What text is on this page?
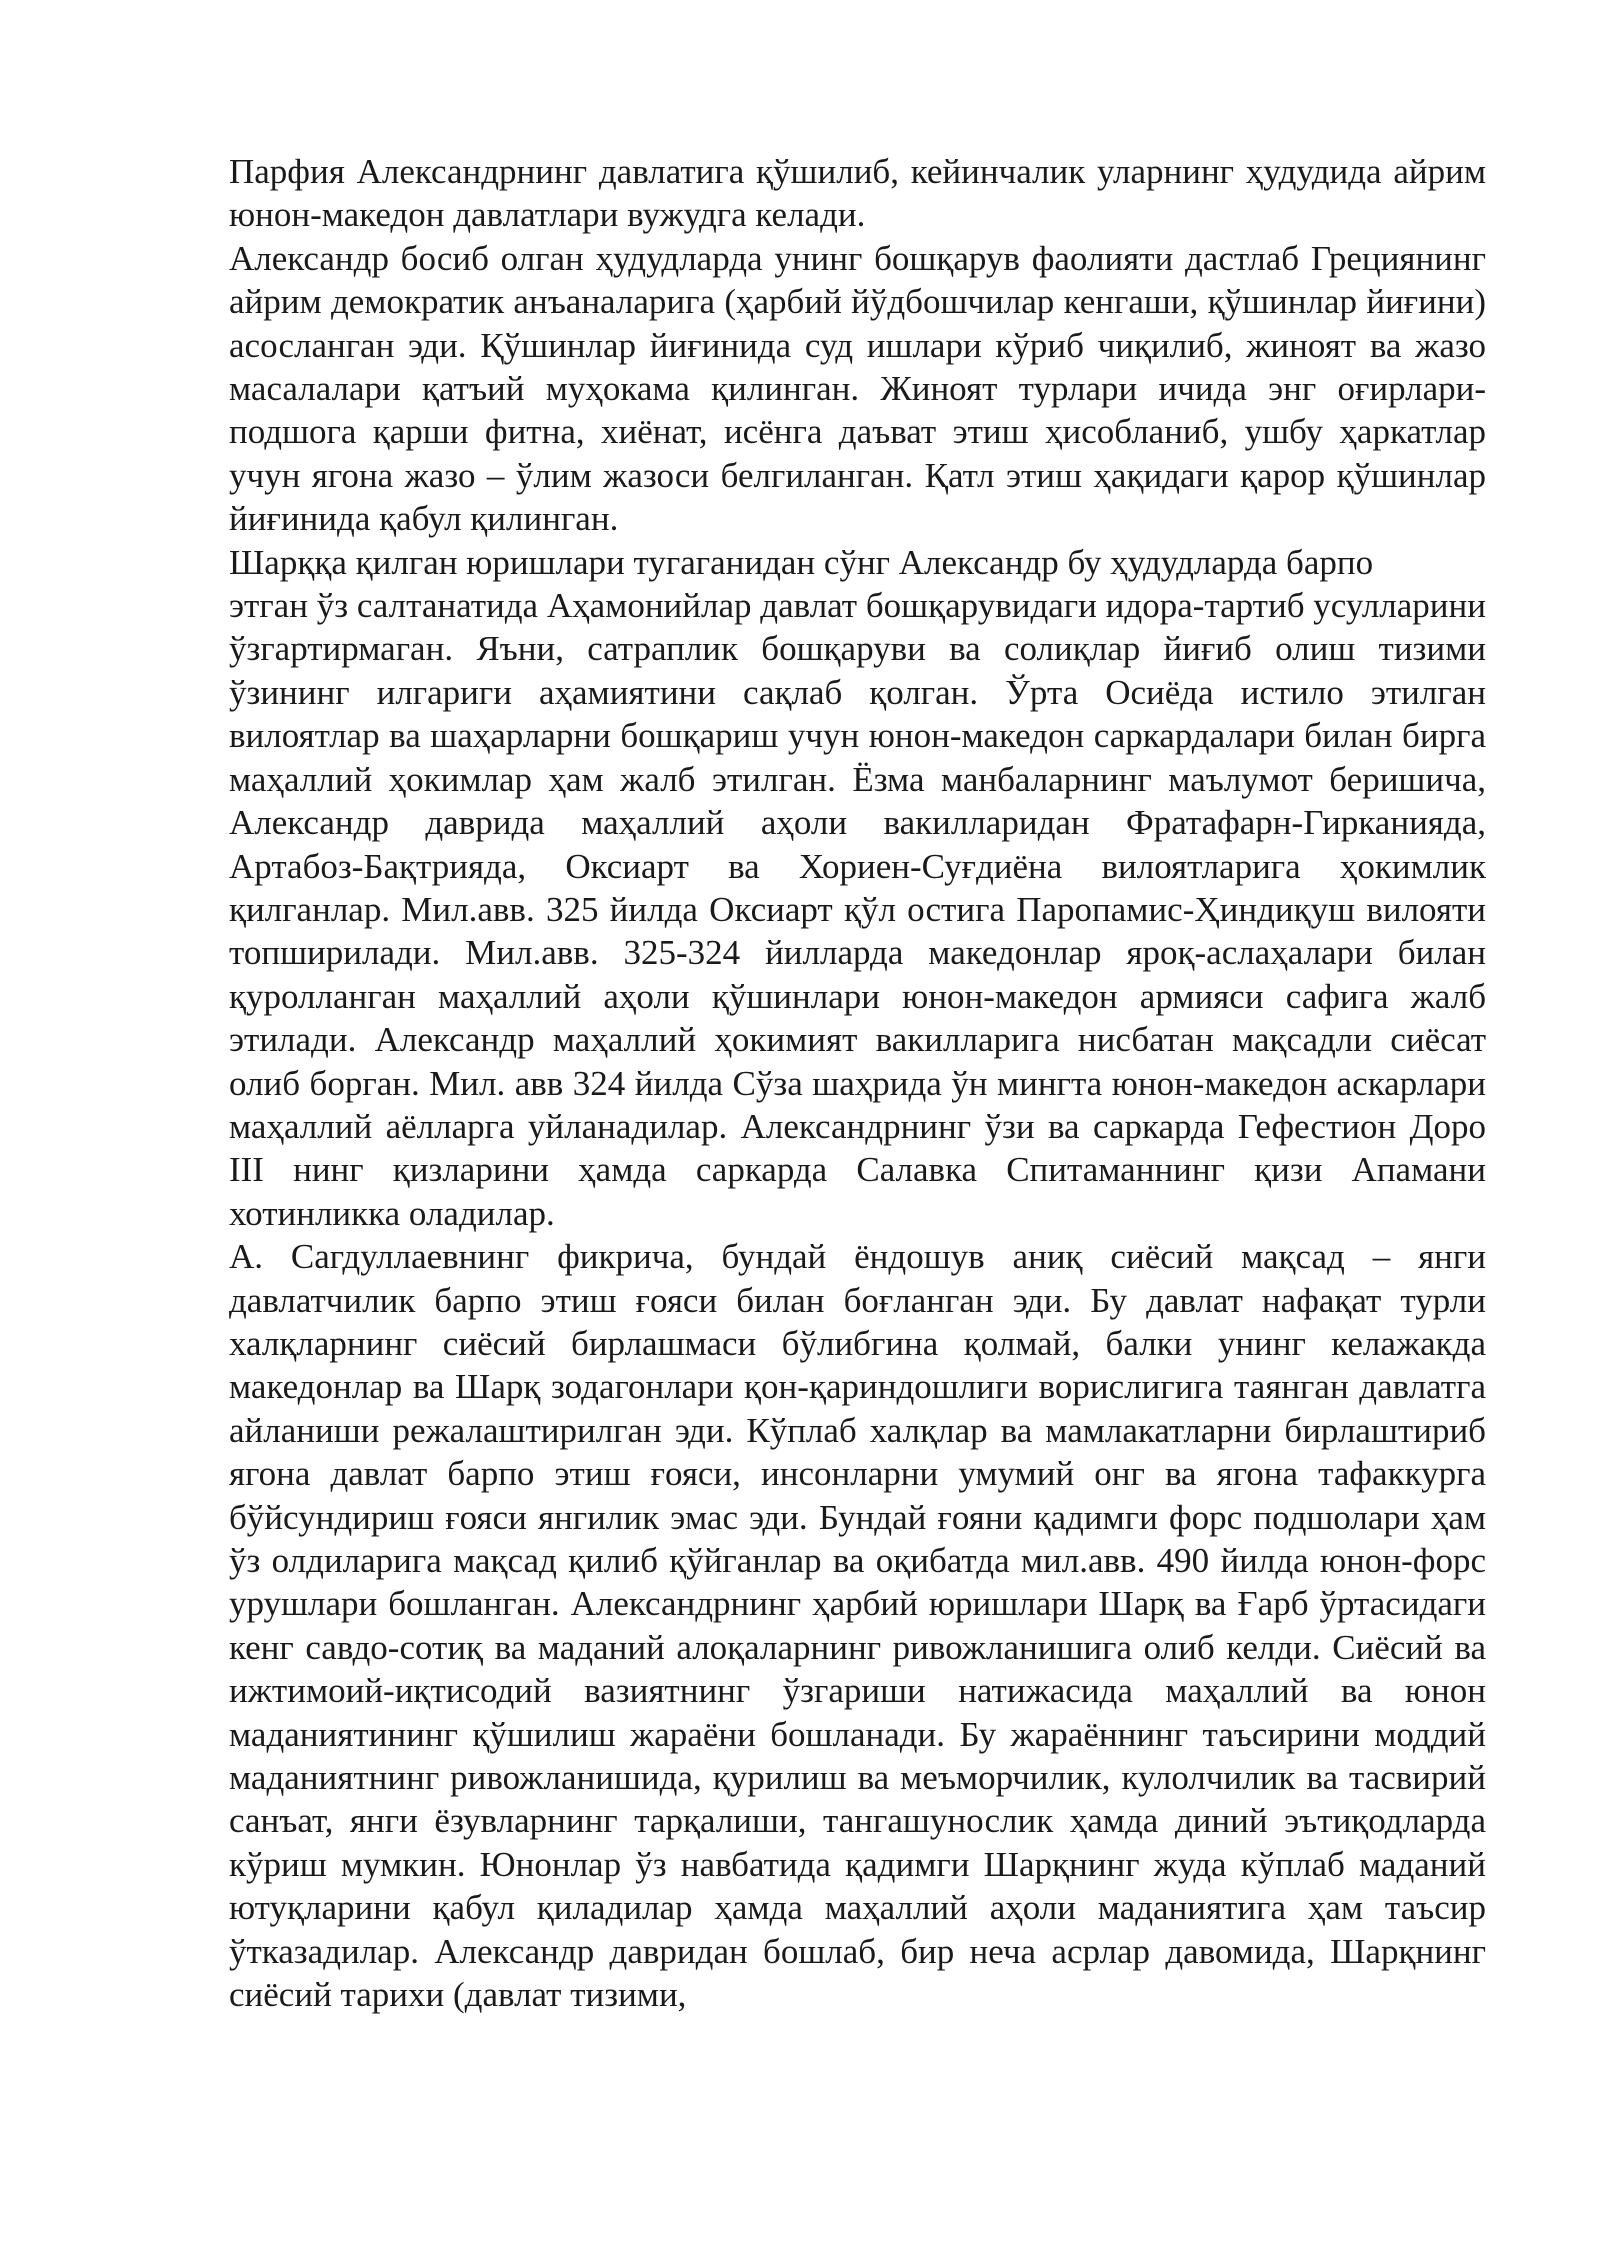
Парфия Александрнинг давлатига қўшилиб, кейинчалик уларнинг ҳудудида айрим юнон-македон давлатлари вужудга келади.

Александр босиб олган ҳудудларда унинг бошқарув фаолияти дастлаб Грециянинг айрим демократик анъаналарига (ҳарбий йўдбошчилар кенгаши, қўшинлар йиғини) асосланган эди. Қўшинлар йиғинида суд ишлари кўриб чиқилиб, жиноят ва жазо масалалари қатъий муҳокама қилинган. Жиноят турлари ичида энг оғирлари-подшога қарши фитна, хиёнат, исёнга даъват этиш ҳисобланиб, ушбу ҳаркатлар учун ягона жазо – ўлим жазоси белгиланган. Қатл этиш ҳақидаги қарор қўшинлар йиғинида қабул қилинган.

Шарққа қилган юришлари тугаганидан сўнг Александр бу ҳудудларда барпо

этган ўз салтанатида Аҳамонийлар давлат бошқарувидаги идора-тартиб усулларини ўзгартирмаган. Яъни, сатраплик бошқаруви ва солиқлар йиғиб олиш тизими ўзининг илгариги аҳамиятини сақлаб қолган. Ўрта Осиёда истило этилган вилоятлар ва шаҳарларни бошқариш учун юнон-македон саркардалари билан бирга маҳаллий ҳокимлар ҳам жалб этилган. Ёзма манбаларнинг маълумот беришича, Александр даврида маҳаллий аҳоли вакилларидан Фратафарн-Гирканияда, Артабоз-Бақтрияда, Оксиарт ва Хориен-Суғдиёна вилоятларига ҳокимлик қилганлар. Мил.авв. 325 йилда Оксиарт қўл остига Паропамис-Ҳиндиқуш вилояти топширилади. Мил.авв. 325-324 йилларда македонлар яроқ-аслаҳалари билан қуролланган маҳаллий аҳоли қўшинлари юнон-македон армияси сафига жалб этилади. Александр маҳаллий ҳокимият вакилларига нисбатан мақсадли сиёсат олиб борган. Мил. авв 324 йилда Сўза шаҳрида ўн мингта юнон-македон аскарлари маҳаллий аёлларга уйланадилар. Александрнинг ўзи ва саркарда Гефестион Доро III нинг қизларини ҳамда саркарда Салавка Спитаманнинг қизи Апамани хотинликка оладилар.

А. Сагдуллаевнинг фикрича, бундай ёндошув аниқ сиёсий мақсад – янги давлатчилик барпо этиш ғояси билан боғланган эди. Бу давлат нафақат турли халқларнинг сиёсий бирлашмаси бўлибгина қолмай, балки унинг келажакда македонлар ва Шарқ зодагонлари қон-қариндошлиги ворислигига таянган давлатга айланиши режалаштирилган эди. Кўплаб халқлар ва мамлакатларни бирлаштириб ягона давлат барпо этиш ғояси, инсонларни умумий онг ва ягона тафаккурга бўйсундириш ғояси янгилик эмас эди. Бундай ғояни қадимги форс подшолари ҳам ўз олдиларига мақсад қилиб қўйганлар ва оқибатда мил.авв. 490 йилда юнон-форс урушлари бошланган. Александрнинг ҳарбий юришлари Шарқ ва Ғарб ўртасидаги кенг савдо-сотиқ ва маданий алоқаларнинг ривожланишига олиб келди. Сиёсий ва ижтимоий-иқтисодий вазиятнинг ўзгариши натижасида маҳаллий ва юнон маданиятининг қўшилиш жараёни бошланади. Бу жараённинг таъсирини моддий маданиятнинг ривожланишида, қурилиш ва меъморчилик, кулолчилик ва тасвирий санъат, янги ёзувларнинг тарқалиши, тангашунослик ҳамда диний эътиқодларда кўриш мумкин. Юнонлар ўз навбатида қадимги Шарқнинг жуда кўплаб маданий ютуқларини қабул қиладилар ҳамда маҳаллий аҳоли маданиятига ҳам таъсир ўтказадилар. Александр давридан бошлаб, бир неча асрлар давомида, Шарқнинг сиёсий тарихи (давлат тизими,
